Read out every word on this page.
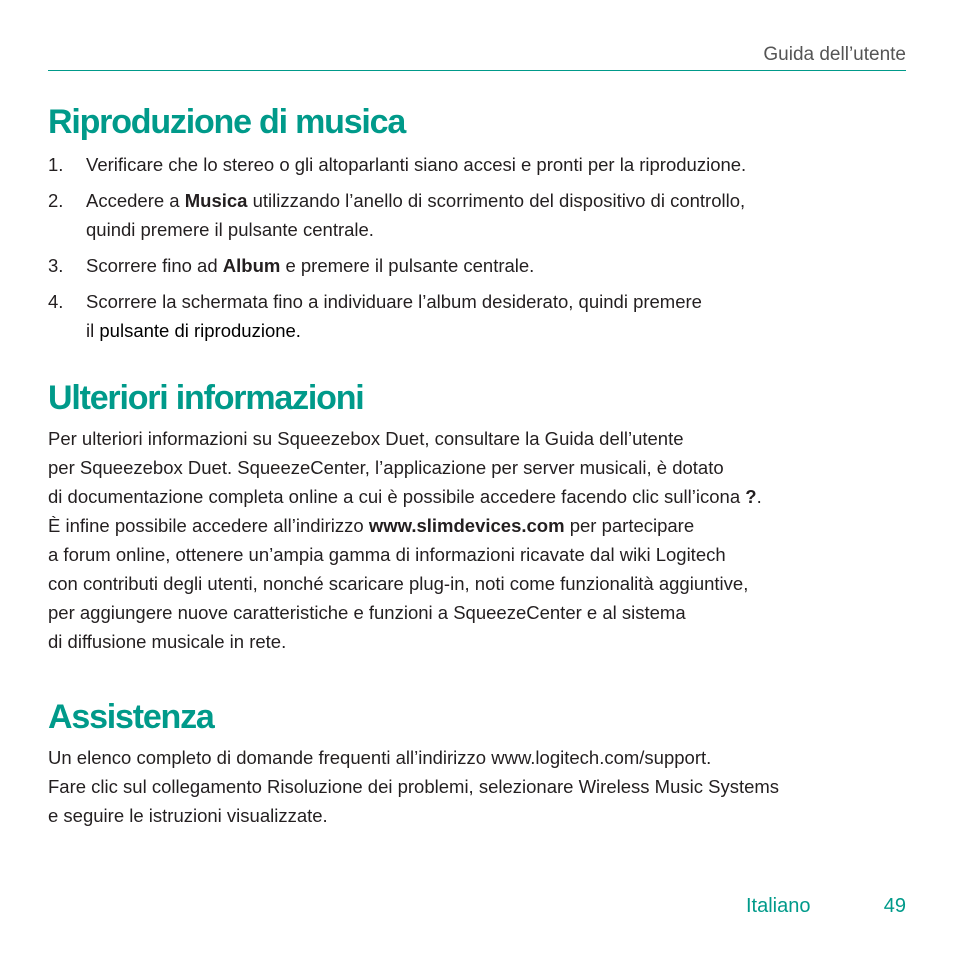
Guida dell’utente
Riproduzione di musica
1. Verificare che lo stereo o gli altoparlanti siano accesi e pronti per la riproduzione.
2. Accedere a Musica utilizzando l’anello di scorrimento del dispositivo di controllo,
quindi premere il pulsante centrale.
3. Scorrere fino ad Album e premere il pulsante centrale.
4. Scorrere la schermata fino a individuare l’album desiderato, quindi premere
il pulsante di riproduzione.
Ulteriori informazioni

Per ulteriori informazioni su Squeezebox Duet, consultare la Guida dell’utente
per Squeezebox Duet. SqueezeCenter, l’applicazione per server musicali, è dotato
di documentazione completa online a cui è possibile accedere facendo clic sull’icona ?.
È infine possibile accedere all’indirizzo www.slimdevices.com per partecipare
a forum online, ottenere un’ampia gamma di informazioni ricavate dal wiki Logitech
con contributi degli utenti, nonché scaricare plug-in, noti come funzionalità aggiuntive,
per aggiungere nuove caratteristiche e funzioni a SqueezeCenter e al sistema
di diffusione musicale in rete.

Assistenza

Un elenco completo di domande frequenti all’indirizzo www.logitech.com/support.
Fare clic sul collegamento Risoluzione dei problemi, selezionare Wireless Music Systems
e seguire le istruzioni visualizzate.

Italiano	49
